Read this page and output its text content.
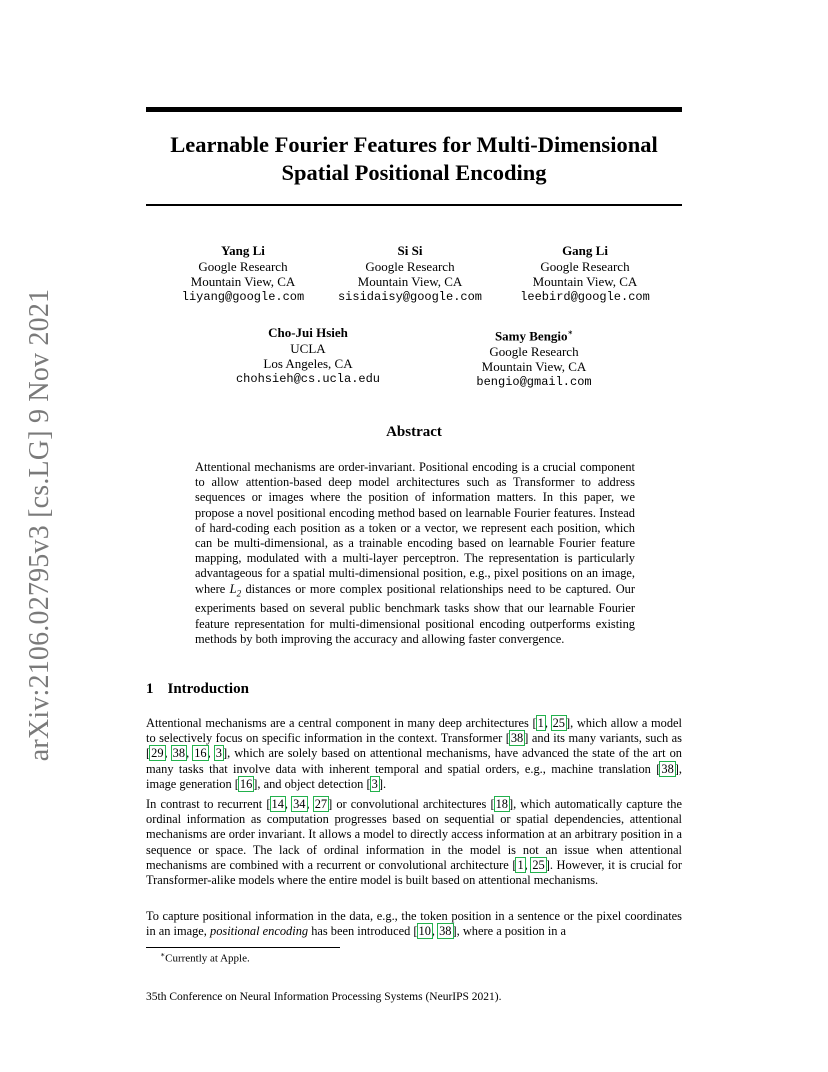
arXiv:2106.02795v3 [cs.LG] 9 Nov 2021
Learnable Fourier Features for Multi-Dimensional
Spatial Positional Encoding
Yang Li
Google Research
Mountain View, CA
liyang@google.com
Si Si
Google Research
Mountain View, CA
sisidaisy@google.com
Gang Li
Google Research
Mountain View, CA
leebird@google.com
Cho-Jui Hsieh
UCLA
Los Angeles, CA
chohsieh@cs.ucla.edu
Samy Bengio∗
Google Research
Mountain View, CA
bengio@gmail.com
Abstract
Attentional mechanisms are order-invariant. Positional encoding is a crucial component to allow attention-based deep model architectures such as Transformer to address sequences or images where the position of information matters. In this paper, we propose a novel positional encoding method based on learnable Fourier features. Instead of hard-coding each position as a token or a vector, we represent each position, which can be multi-dimensional, as a trainable encoding based on learnable Fourier feature mapping, modulated with a multi-layer perceptron. The representation is particularly advantageous for a spatial multi-dimensional position, e.g., pixel positions on an image, where $L_2$ distances or more complex positional relationships need to be captured. Our experiments based on several public benchmark tasks show that our learnable Fourier feature representation for multi-dimensional positional encoding outperforms existing methods by both improving the accuracy and allowing faster convergence.
1 Introduction
Attentional mechanisms are a central component in many deep architectures [1, 25], which allow a model to selectively focus on specific information in the context. Transformer [38] and its many variants, such as [29, 38, 16, 3], which are solely based on attentional mechanisms, have advanced the state of the art on many tasks that involve data with inherent temporal and spatial orders, e.g., machine translation [38], image generation [16], and object detection [3].
In contrast to recurrent [14, 34, 27] or convolutional architectures [18], which automatically capture the ordinal information as computation progresses based on sequential or spatial dependencies, attentional mechanisms are order invariant. It allows a model to directly access information at an arbitrary position in a sequence or space. The lack of ordinal information in the model is not an issue when attentional mechanisms are combined with a recurrent or convolutional architecture [1, 25]. However, it is crucial for Transformer-alike models where the entire model is built based on attentional mechanisms.
To capture positional information in the data, e.g., the token position in a sentence or the pixel coordinates in an image, positional encoding has been introduced [10, 38], where a position in a
∗Currently at Apple.
35th Conference on Neural Information Processing Systems (NeurIPS 2021).
